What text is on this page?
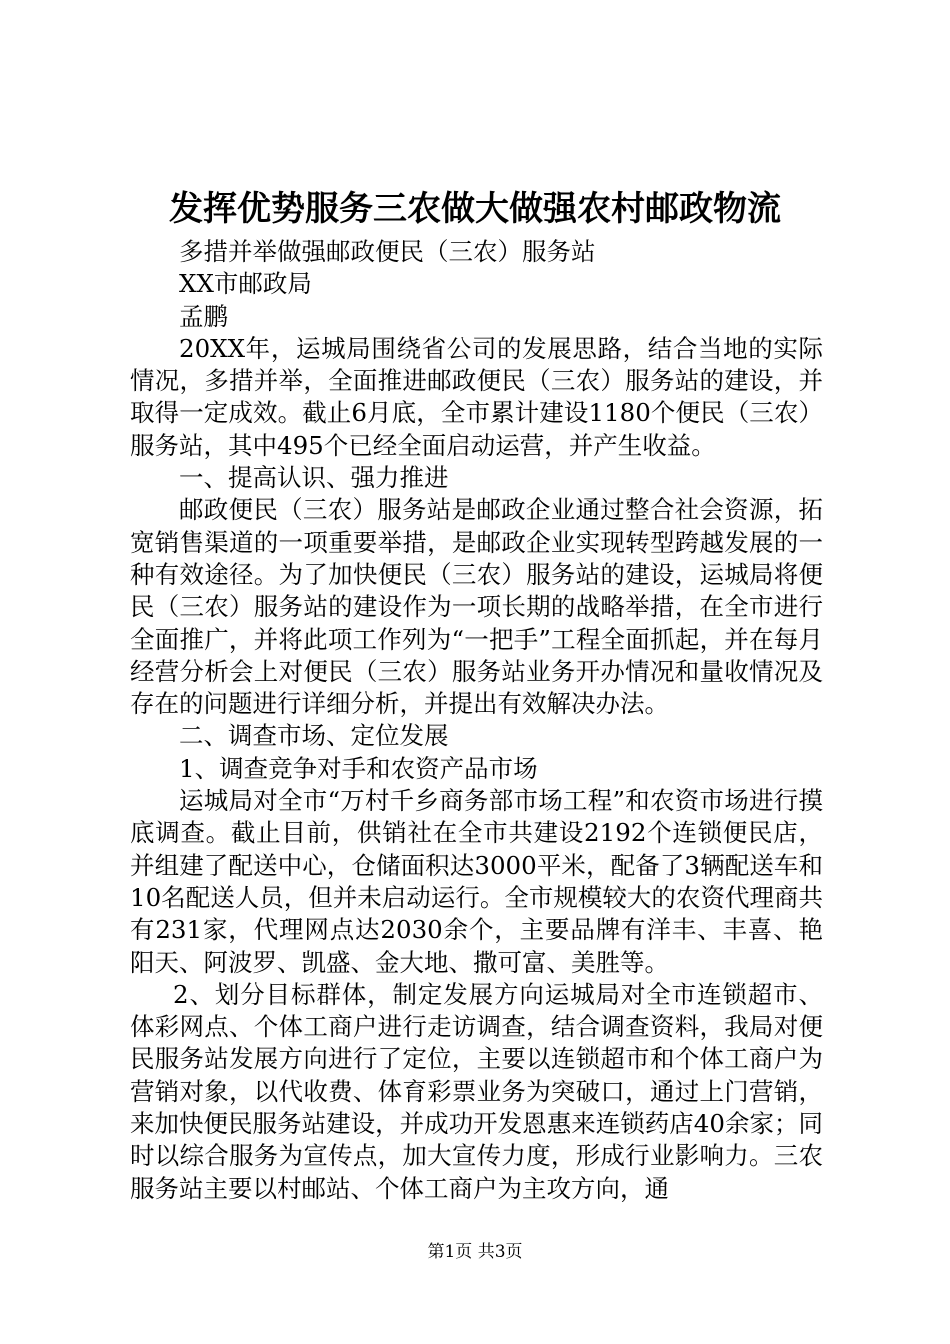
发挥优势服务三农做大做强农村邮政物流

多措并举做强邮政便民（三农）服务站

XX市邮政局

孟鹏

20XX年，运城局围绕省公司的发展思路，结合当地的实际情况，多措并举，全面推进邮政便民（三农）服务站的建设，并取得一定成效。截止6月底，全市累计建设1180个便民（三农）服务站，其中495个已经全面启动运营，并产生收益。

一、提高认识、强力推进

邮政便民（三农）服务站是邮政企业通过整合社会资源，拓宽销售渠道的一项重要举措，是邮政企业实现转型跨越发展的一种有效途径。为了加快便民（三农）服务站的建设，运城局将便民（三农）服务站的建设作为一项长期的战略举措，在全市进行全面推广，并将此项工作列为“一把手”工程全面抓起，并在每月经营分析会上对便民（三农）服务站业务开办情况和量收情况及存在的问题进行详细分析，并提出有效解决办法。

二、调查市场、定位发展

1、调查竞争对手和农资产品市场

运城局对全市“万村千乡商务部市场工程”和农资市场进行摸底调查。截止目前，供销社在全市共建设2192个连锁便民店，并组建了配送中心，仓储面积达3000平米，配备了3辆配送车和10名配送人员，但并未启动运行。全市规模较大的农资代理商共有231家，代理网点达2030余个，主要品牌有洋丰、丰喜、艳阳天、阿波罗、凯盛、金大地、撒可富、美胜等。

2、划分目标群体，制定发展方向运城局对全市连锁超市、体彩网点、个体工商户进行走访调查，结合调查资料，我局对便民服务站发展方向进行了定位，主要以连锁超市和个体工商户为营销对象，以代收费、体育彩票业务为突破口，通过上门营销，来加快便民服务站建设，并成功开发恩惠来连锁药店40余家；同时以综合服务为宣传点，加大宣传力度，形成行业影响力。三农服务站主要以村邮站、个体工商户为主攻方向，通

第1页 共3页
